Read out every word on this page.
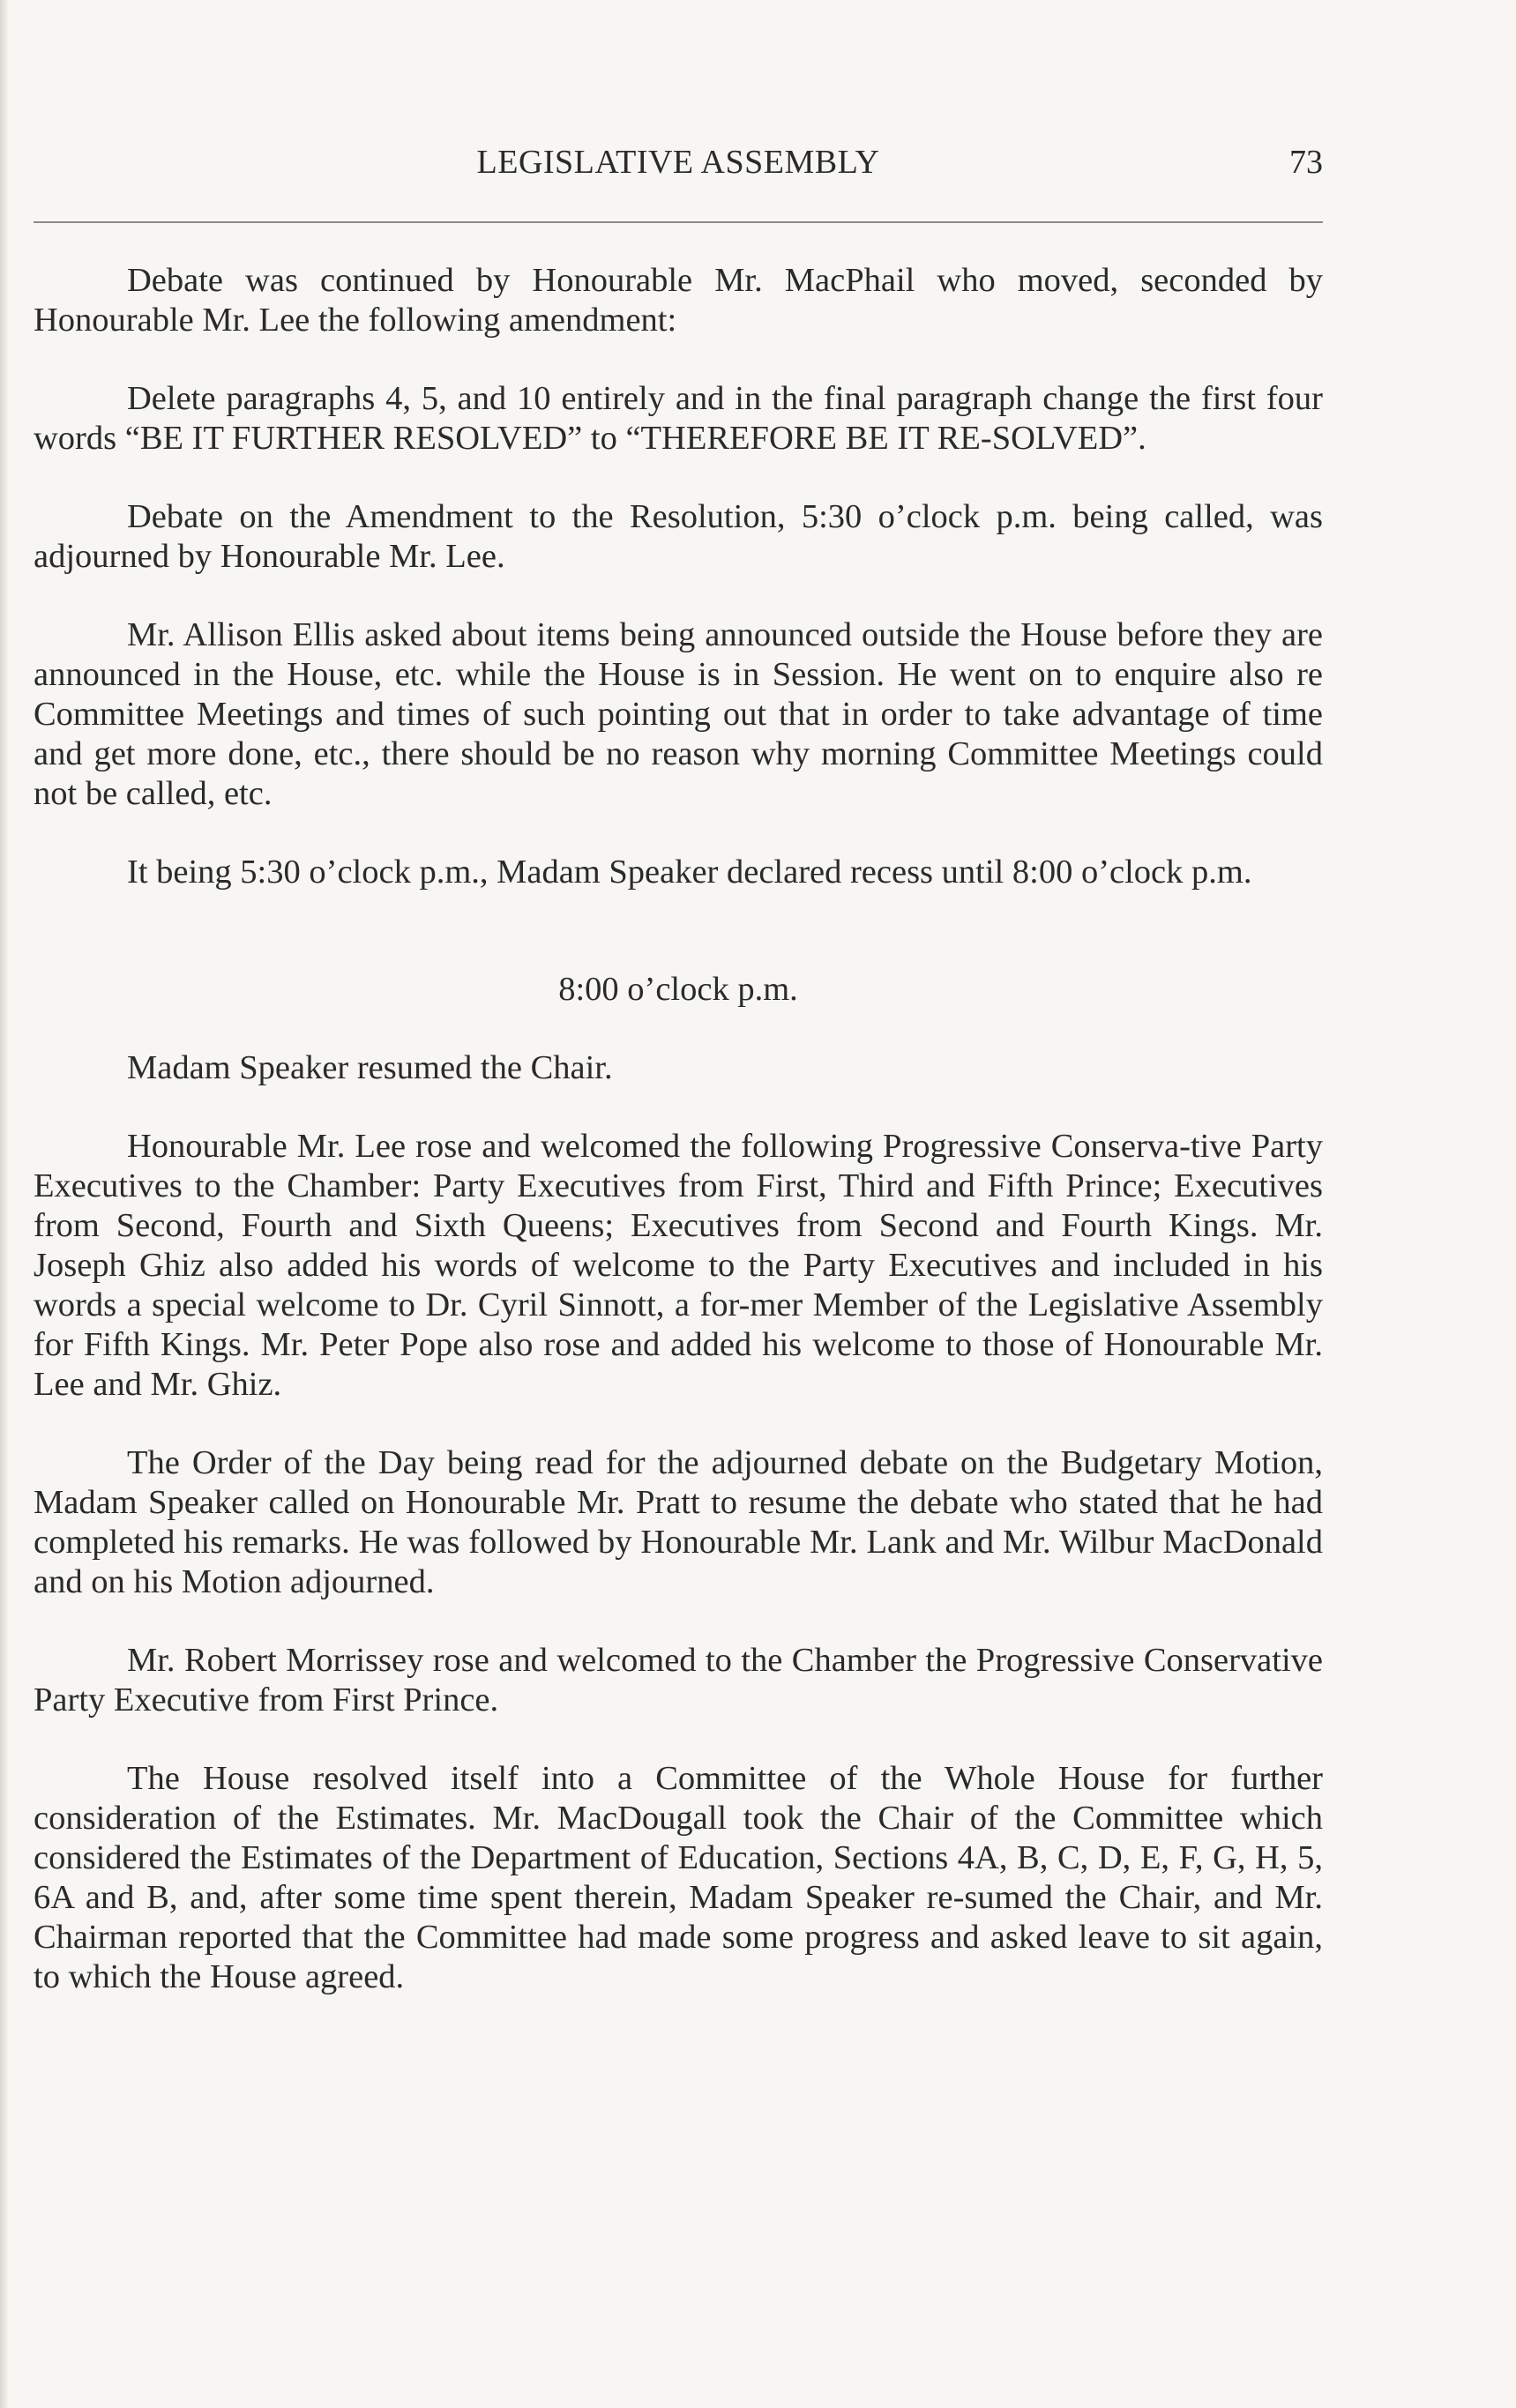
LEGISLATIVE ASSEMBLY	73

Debate was continued by Honourable Mr. MacPhail who moved, seconded by Honourable Mr. Lee the following amendment:

Delete paragraphs 4, 5, and 10 entirely and in the final paragraph change the first four words “BE IT FURTHER RESOLVED” to “THEREFORE BE IT RE-SOLVED”.

Debate on the Amendment to the Resolution, 5:30 o’clock p.m. being called, was adjourned by Honourable Mr. Lee.

Mr. Allison Ellis asked about items being announced outside the House before they are announced in the House, etc. while the House is in Session. He went on to enquire also re Committee Meetings and times of such pointing out that in order to take advantage of time and get more done, etc., there should be no reason why morning Committee Meetings could not be called, etc.

It being 5:30 o’clock p.m., Madam Speaker declared recess until 8:00 o’clock p.m.

8:00 o’clock p.m.

Madam Speaker resumed the Chair.

Honourable Mr. Lee rose and welcomed the following Progressive Conserva-tive Party Executives to the Chamber: Party Executives from First, Third and Fifth Prince; Executives from Second, Fourth and Sixth Queens; Executives from Second and Fourth Kings. Mr. Joseph Ghiz also added his words of welcome to the Party Executives and included in his words a special welcome to Dr. Cyril Sinnott, a for-mer Member of the Legislative Assembly for Fifth Kings. Mr. Peter Pope also rose and added his welcome to those of Honourable Mr. Lee and Mr. Ghiz.

The Order of the Day being read for the adjourned debate on the Budgetary Motion, Madam Speaker called on Honourable Mr. Pratt to resume the debate who stated that he had completed his remarks. He was followed by Honourable Mr. Lank and Mr. Wilbur MacDonald and on his Motion adjourned.

Mr. Robert Morrissey rose and welcomed to the Chamber the Progressive Conservative Party Executive from First Prince.

The House resolved itself into a Committee of the Whole House for further consideration of the Estimates. Mr. MacDougall took the Chair of the Committee which considered the Estimates of the Department of Education, Sections 4A, B, C, D, E, F, G, H, 5, 6A and B, and, after some time spent therein, Madam Speaker re-sumed the Chair, and Mr. Chairman reported that the Committee had made some progress and asked leave to sit again, to which the House agreed.
